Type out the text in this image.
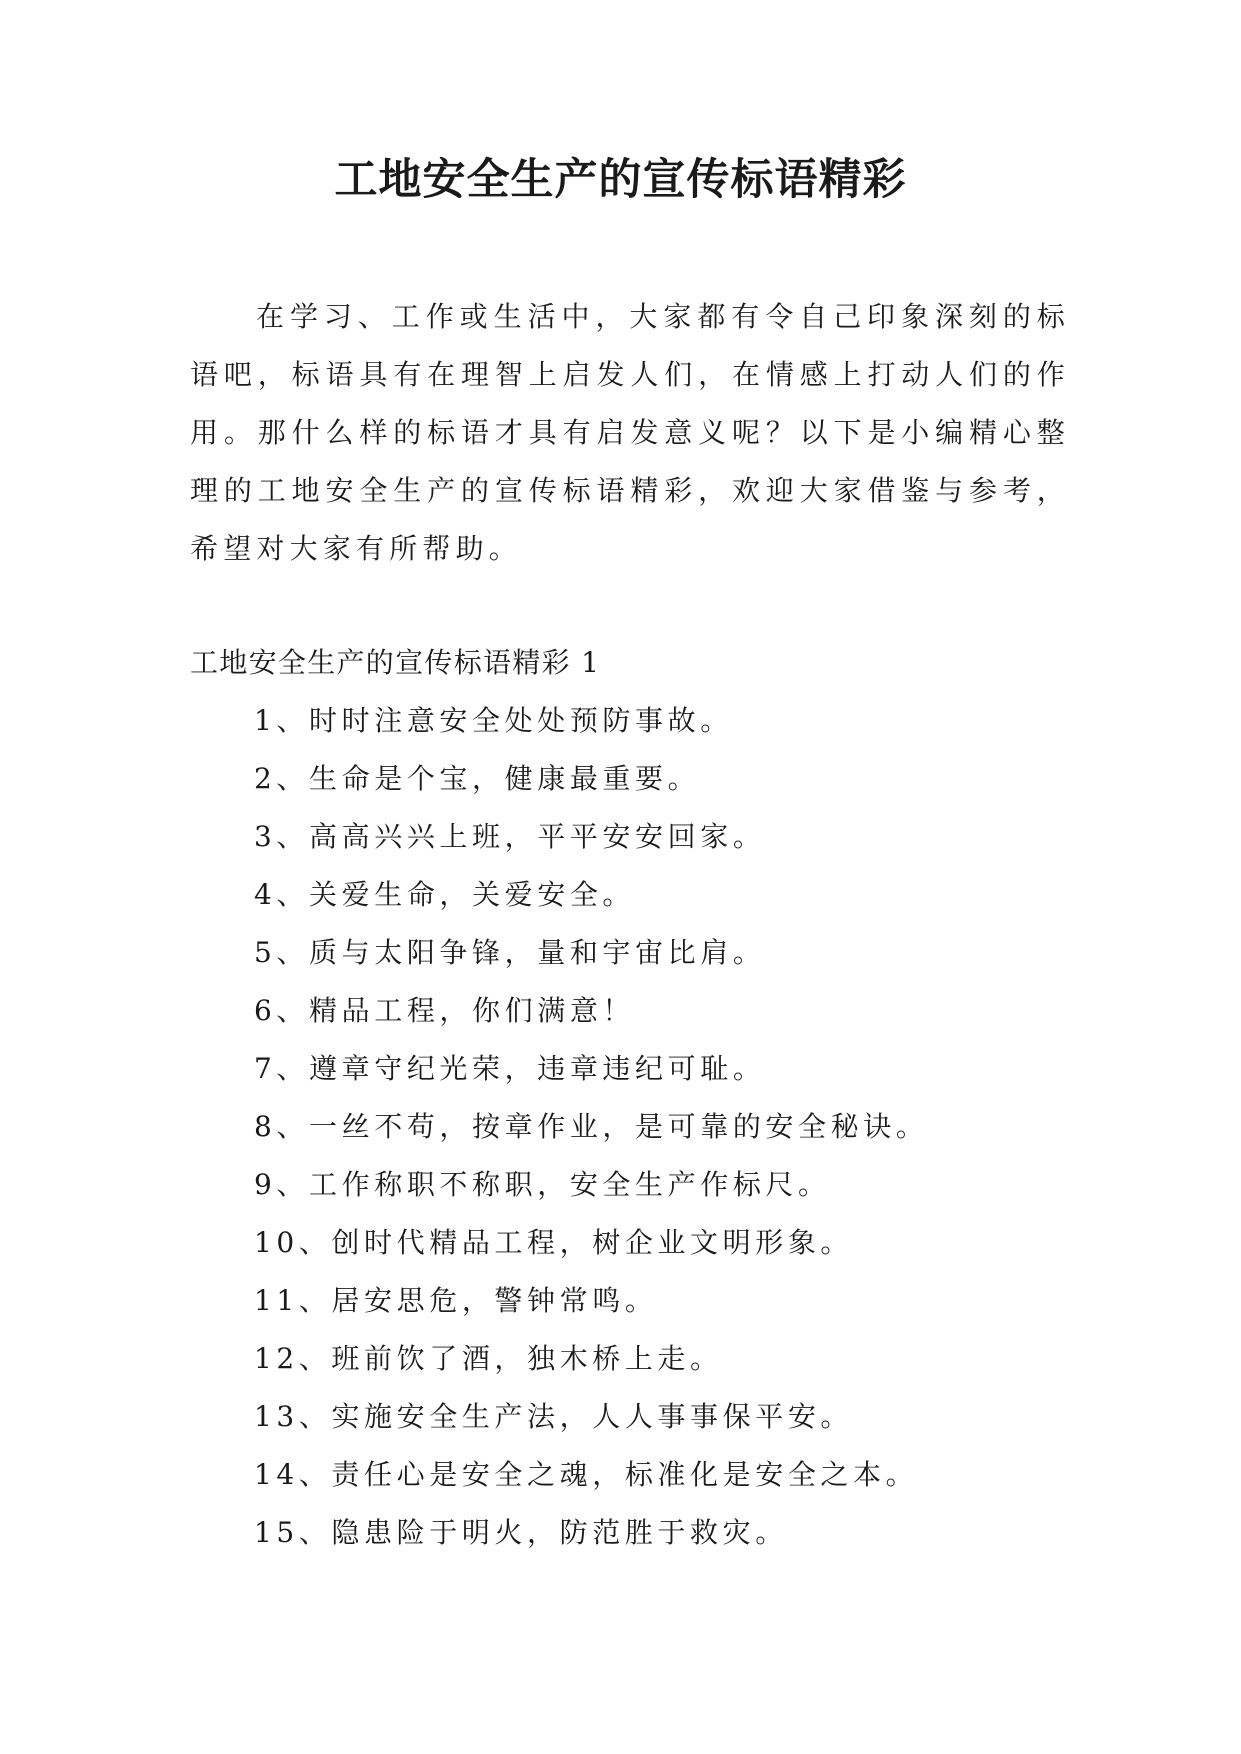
工地安全生产的宣传标语精彩

在学习、工作或生活中，大家都有令自己印象深刻的标语吧，标语具有在理智上启发人们，在情感上打动人们的作用。那什么样的标语才具有启发意义呢？以下是小编精心整理的工地安全生产的宣传标语精彩，欢迎大家借鉴与参考，希望对大家有所帮助。

工地安全生产的宣传标语精彩 1

1、时时注意安全处处预防事故。
2、生命是个宝，健康最重要。
3、高高兴兴上班，平平安安回家。
4、关爱生命，关爱安全。
5、质与太阳争锋，量和宇宙比肩。
6、精品工程，你们满意！
7、遵章守纪光荣，违章违纪可耻。
8、一丝不苟，按章作业，是可靠的安全秘诀。
9、工作称职不称职，安全生产作标尺。
10、创时代精品工程，树企业文明形象。
11、居安思危，警钟常鸣。
12、班前饮了酒，独木桥上走。
13、实施安全生产法，人人事事保平安。
14、责任心是安全之魂，标准化是安全之本。
15、隐患险于明火，防范胜于救灾。
